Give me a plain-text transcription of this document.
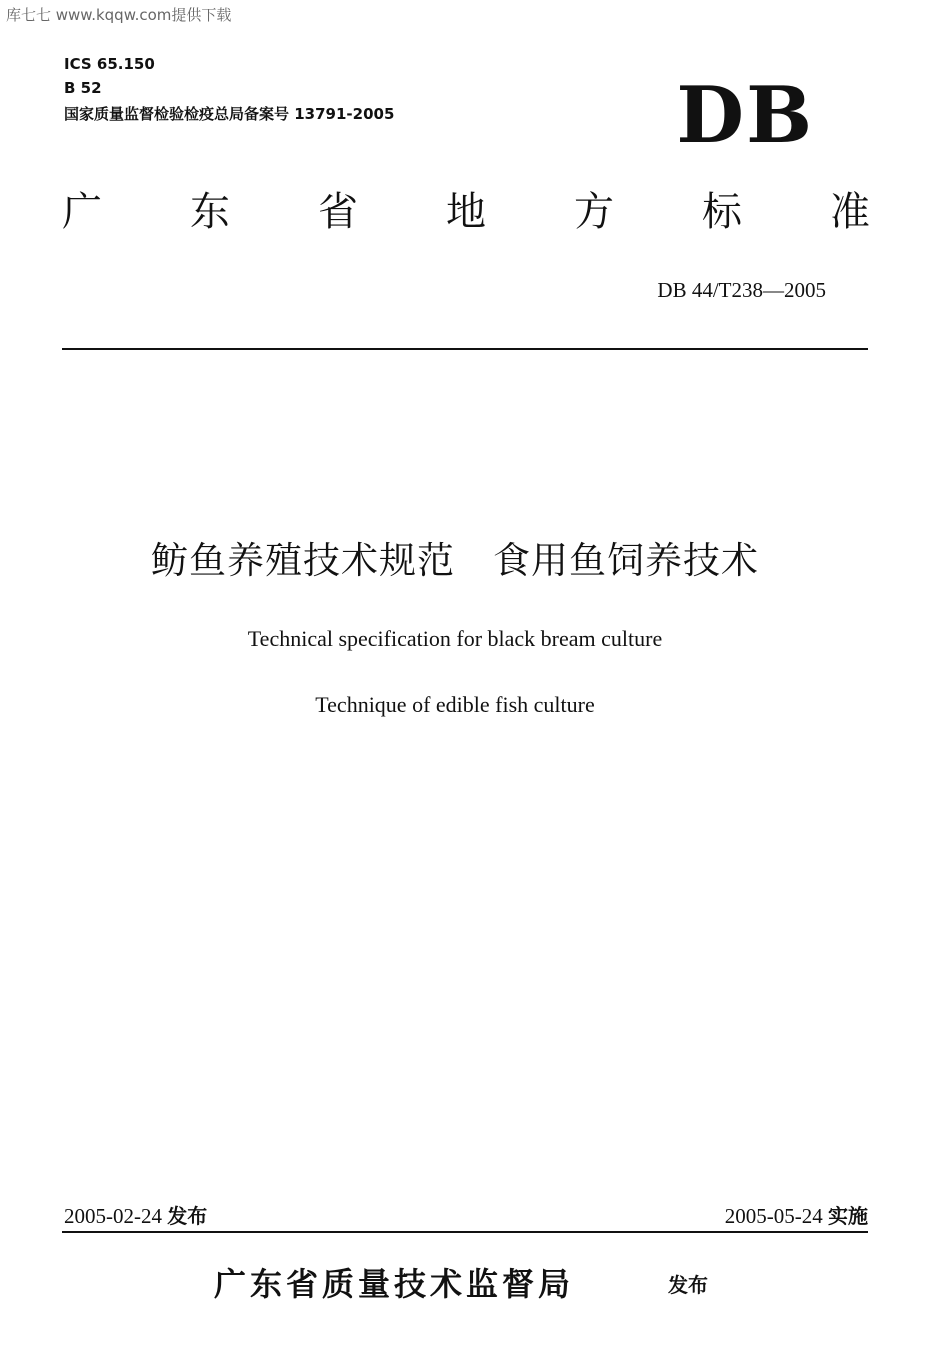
库七七 www.kqqw.com提供下载
ICS 65.150
B 52
国家质量监督检验检疫总局备案号 13791-2005	DB
广 东 省 地 方 标 准
DB 44/T238—2005
鲂鱼养殖技术规范　食用鱼饲养技术
Technical specification for black bream culture
Technique of edible fish culture
2005-02-24 发布	2005-05-24 实施
广东省质量技术监督局	发布
